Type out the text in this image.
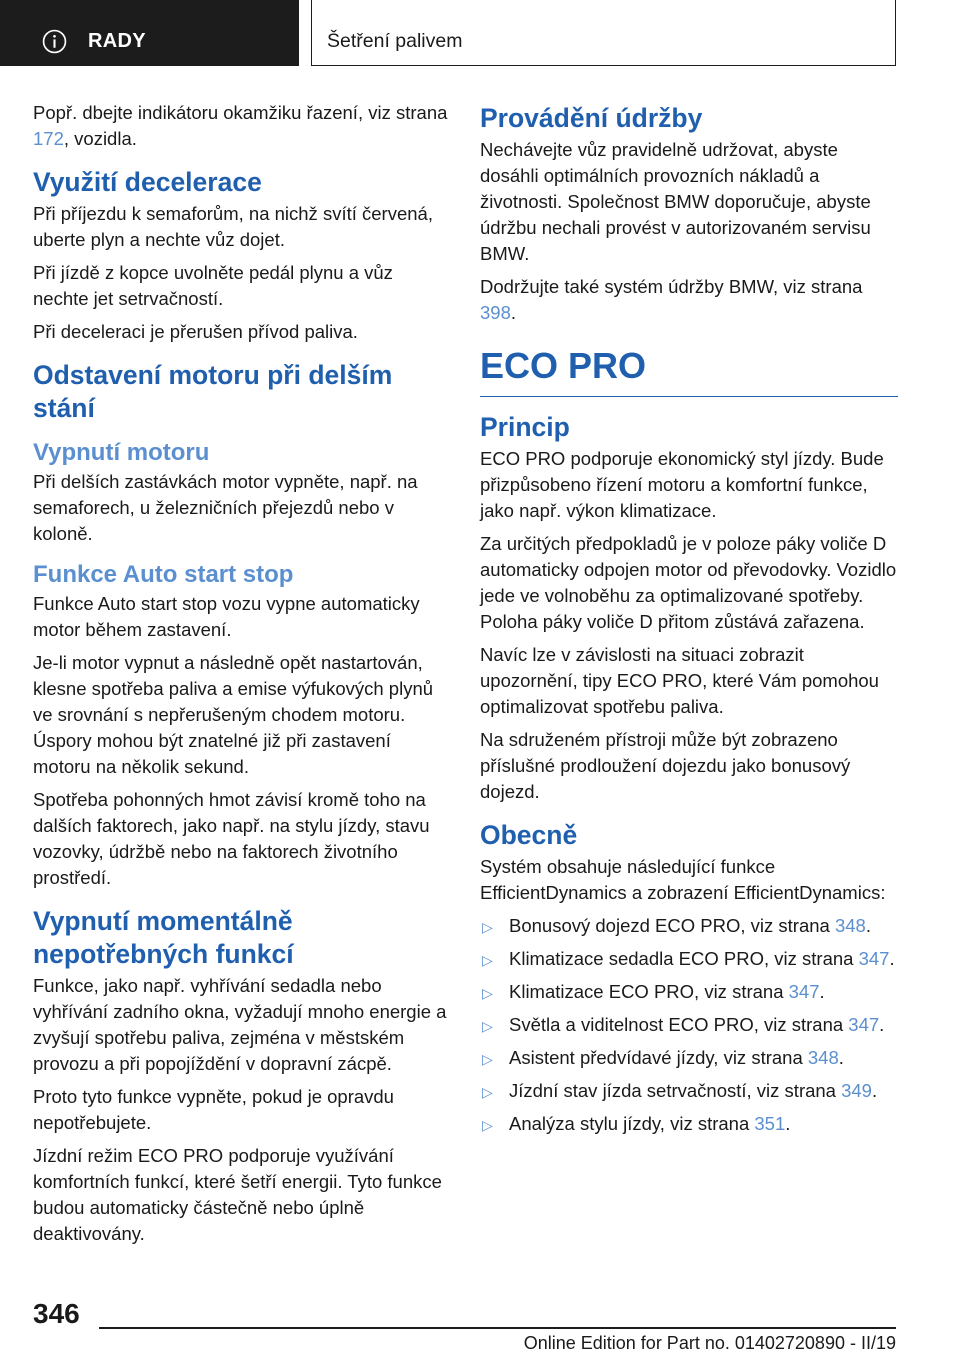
RADY	Šetření palivem

Popř. dbejte indikátoru okamžiku řazení, viz strana 172, vozidla.

Využití decelerace

Při příjezdu k semaforům, na nichž svítí červená, uberte plyn a nechte vůz dojet.

Při jízdě z kopce uvolněte pedál plynu a vůz nechte jet setrvačností.

Při deceleraci je přerušen přívod paliva.

Odstavení motoru při delším stání
Vypnutí motoru

Při delších zastávkách motor vypněte, např. na semaforech, u železničních přejezdů nebo v koloně.

Funkce Auto start stop

Funkce Auto start stop vozu vypne automaticky motor během zastavení.

Je-li motor vypnut a následně opět nastartován, klesne spotřeba paliva a emise výfukových plynů ve srovnání s nepřerušeným chodem motoru. Úspory mohou být znatelné již při zastavení motoru na několik sekund.

Spotřeba pohonných hmot závisí kromě toho na dalších faktorech, jako např. na stylu jízdy, stavu vozovky, údržbě nebo na faktorech životního prostředí.

Vypnutí momentálně nepotřebných funkcí

Funkce, jako např. vyhřívání sedadla nebo vyhřívání zadního okna, vyžadují mnoho energie a zvyšují spotřebu paliva, zejména v městském provozu a při popojíždění v dopravní zácpě.

Proto tyto funkce vypněte, pokud je opravdu nepotřebujete.

Jízdní režim ECO PRO podporuje využívání komfortních funkcí, které šetří energii. Tyto funkce budou automaticky částečně nebo úplně deaktivovány.

Provádění údržby

Nechávejte vůz pravidelně udržovat, abyste dosáhli optimálních provozních nákladů a životnosti. Společnost BMW doporučuje, abyste údržbu nechali provést v autorizovaném servisu BMW.

Dodržujte také systém údržby BMW, viz strana 398.

ECO PRO
Princip

ECO PRO podporuje ekonomický styl jízdy. Bude přizpůsobeno řízení motoru a komfortní funkce, jako např. výkon klimatizace.

Za určitých předpokladů je v poloze páky voliče D automaticky odpojen motor od převodovky. Vozidlo jede ve volnoběhu za optimalizované spotřeby. Poloha páky voliče D přitom zůstává zařazena.

Navíc lze v závislosti na situaci zobrazit upozornění, tipy ECO PRO, které Vám pomohou optimalizovat spotřebu paliva.

Na sdruženém přístroji může být zobrazeno příslušné prodloužení dojezdu jako bonusový dojezd.

Obecně

Systém obsahuje následující funkce EfficientDynamics a zobrazení EfficientDynamics:

▷ Bonusový dojezd ECO PRO, viz strana 348.
▷ Klimatizace sedadla ECO PRO, viz strana 347.
▷ Klimatizace ECO PRO, viz strana 347.
▷ Světla a viditelnost ECO PRO, viz strana 347.
▷ Asistent předvídavé jízdy, viz strana 348.
▷ Jízdní stav jízda setrvačností, viz strana 349.
▷ Analýza stylu jízdy, viz strana 351.
346
Online Edition for Part no. 01402720890 - II/19
